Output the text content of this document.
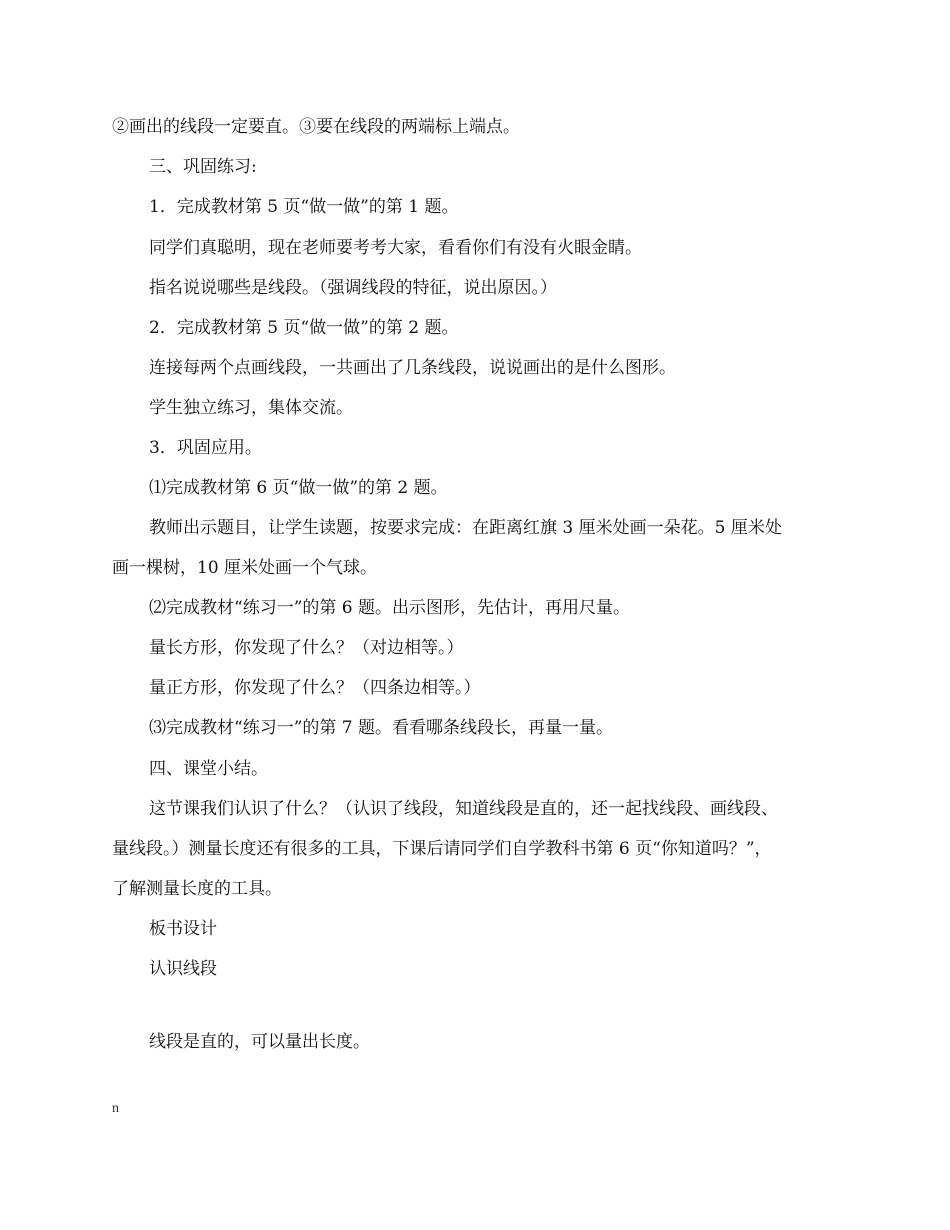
②画出的线段一定要直。③要在线段的两端标上端点。
三、巩固练习:
1．完成教材第 5 页“做一做”的第 1 题。
同学们真聪明，现在老师要考考大家，看看你们有没有火眼金睛。
指名说说哪些是线段。（强调线段的特征，说出原因。）
2．完成教材第 5 页“做一做”的第 2 题。
连接每两个点画线段，一共画出了几条线段，说说画出的是什么图形。
学生独立练习，集体交流。
3．巩固应用。
⑴完成教材第 6 页“做一做”的第 2 题。
教师出示题目，让学生读题，按要求完成：在距离红旗 3 厘米处画一朵花。5 厘米处
画一棵树，10 厘米处画一个气球。
⑵完成教材“练习一”的第 6 题。出示图形，先估计，再用尺量。
量长方形，你发现了什么？（对边相等。）
量正方形，你发现了什么？（四条边相等。）
⑶完成教材“练习一”的第 7 题。看看哪条线段长，再量一量。
四、课堂小结。
这节课我们认识了什么？（认识了线段，知道线段是直的，还一起找线段、画线段、
量线段。）测量长度还有很多的工具，下课后请同学们自学教科书第 6 页“你知道吗？”，
了解测量长度的工具。
板书设计
认识线段
线段是直的，可以量出长度。
n
